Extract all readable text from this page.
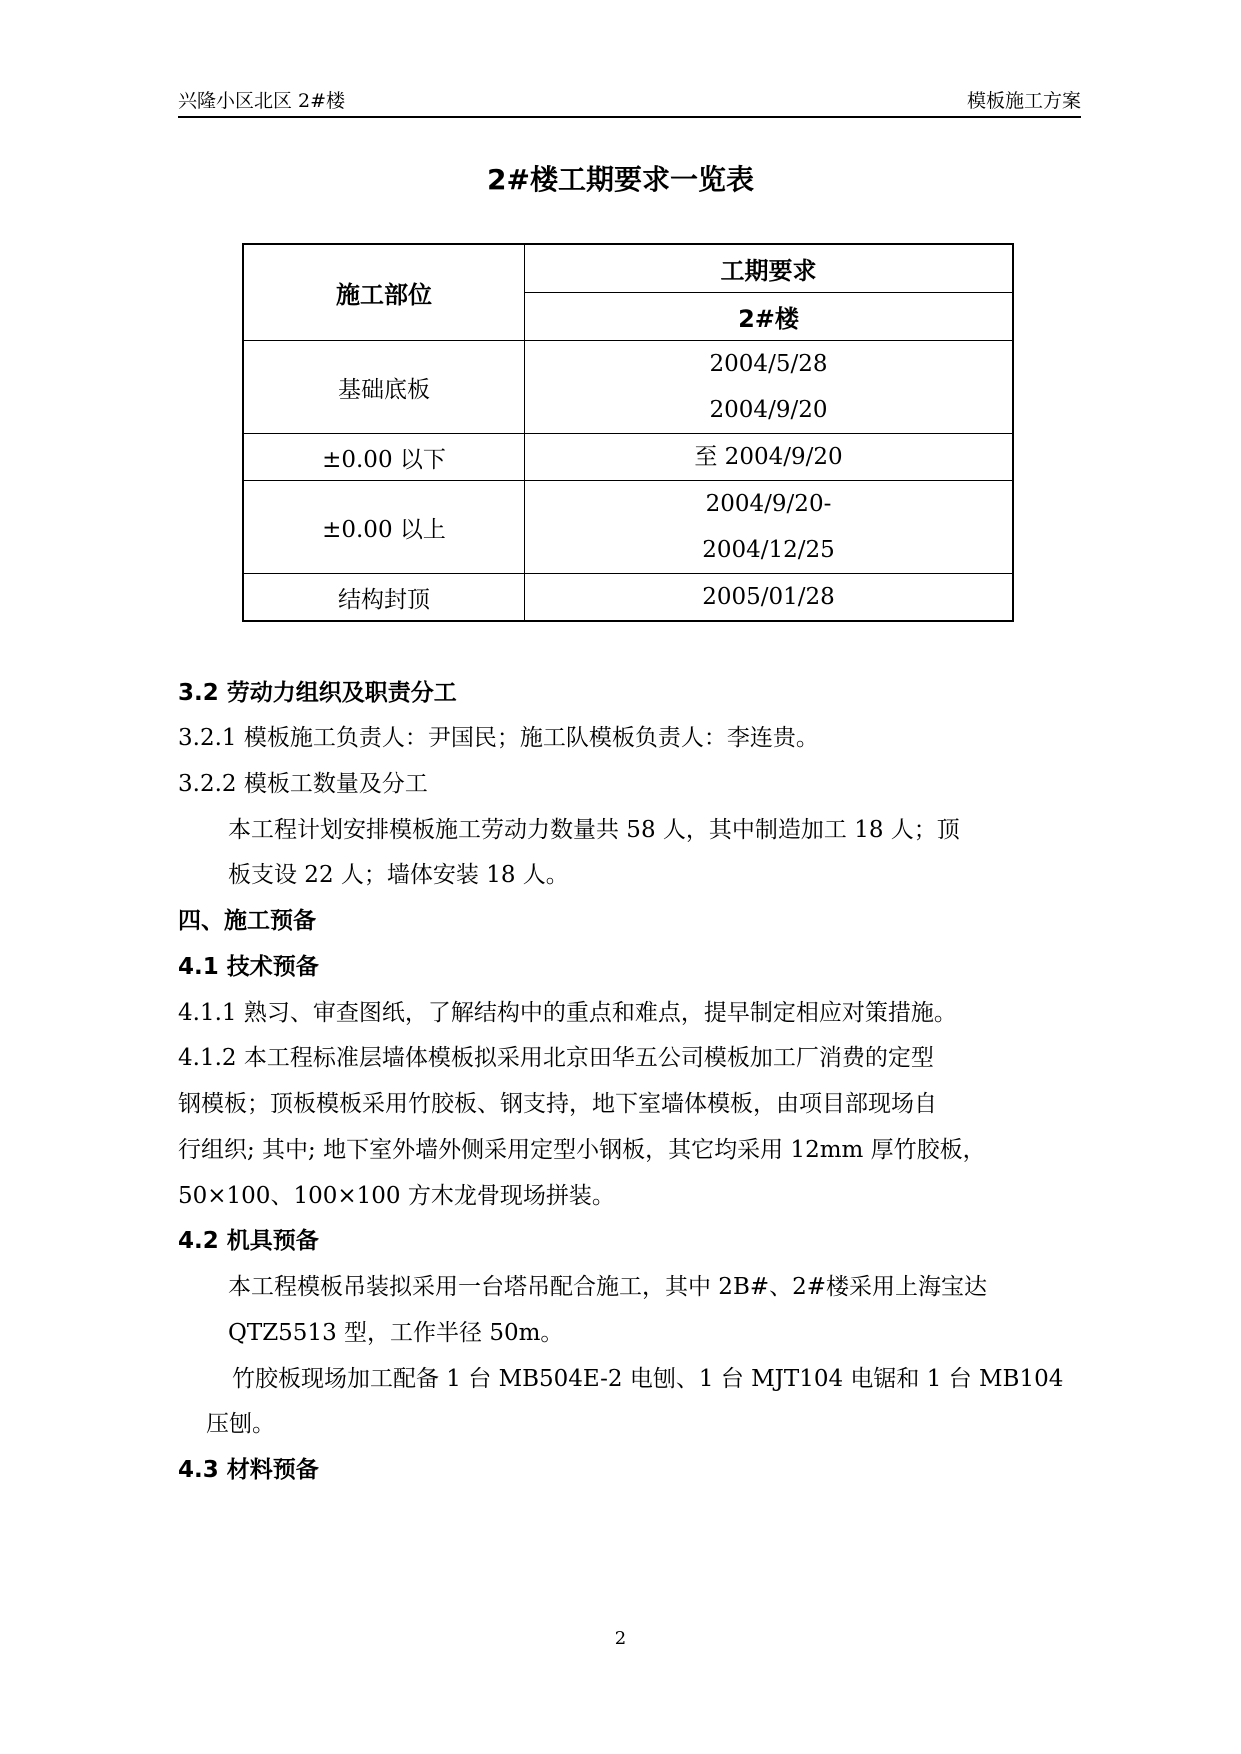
兴隆小区北区 2#楼	模板施工方案
2#楼工期要求一览表
施工部位	工期要求
	2#楼
基础底板	2004/5/28
2004/9/20

±0.00 以下	至 2004/9/20

±0.00 以上	2004/9/20-
2004/12/25

结构封顶	2005/01/28
3.2 劳动力组织及职责分工
3.2.1 模板施工负责人：尹国民；施工队模板负责人：李连贵。
3.2.2 模板工数量及分工
本工程计划安排模板施工劳动力数量共 58 人，其中制造加工 18 人；顶
板支设 22 人；墙体安装 18 人。
四、施工预备
4.1 技术预备
4.1.1 熟习、审查图纸，了解结构中的重点和难点，提早制定相应对策措施。
4.1.2 本工程标准层墙体模板拟采用北京田华五公司模板加工厂消费的定型
钢模板；顶板模板采用竹胶板、钢支持，地下室墙体模板，由项目部现场自
行组织; 其中; 地下室外墙外侧采用定型小钢板，其它均采用 12mm 厚竹胶板，
50×100、100×100 方木龙骨现场拼装。
4.2 机具预备
本工程模板吊装拟采用一台塔吊配合施工，其中 2B#、2#楼采用上海宝达
QTZ5513 型，工作半径 50m。
竹胶板现场加工配备 1 台 MB504E-2 电刨、1 台 MJT104 电锯和 1 台 MB104
压刨。
4.3 材料预备
2
